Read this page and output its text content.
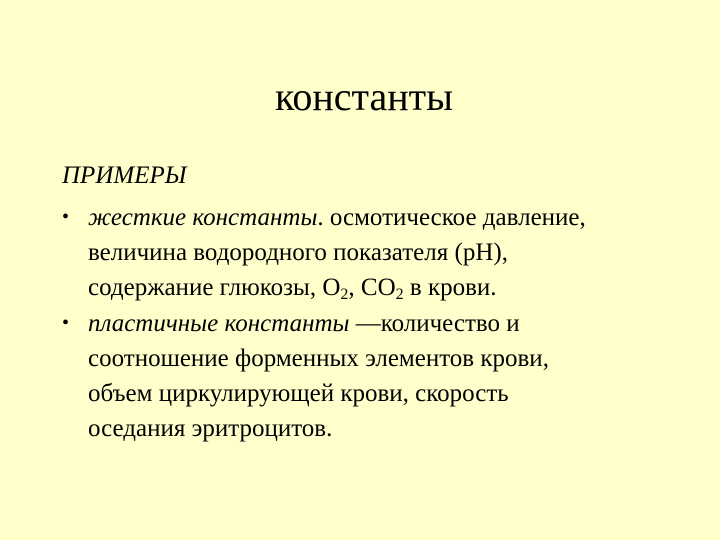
константы
ПРИМЕРЫ
• жесткие константы. осмотическое давление,
величина водородного показателя (pH),
содержание глюкозы, $O_2$, $CO_2$ в крови.
• пластичные константы —количество и
соотношение форменных элементов крови,
объем циркулирующей крови, скорость
оседания эритроцитов.
